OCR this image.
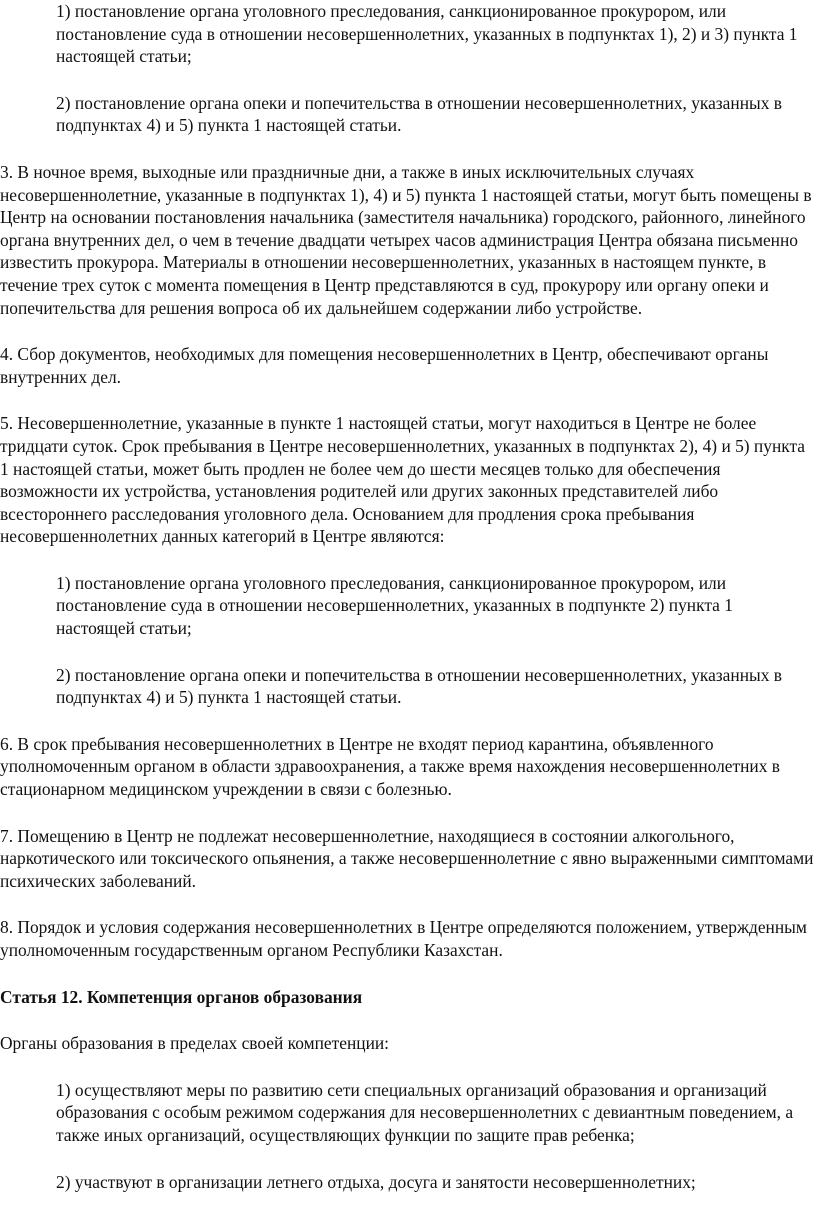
1) постановление органа уголовного преследования, санкционированное прокурором, или постановление суда в отношении несовершеннолетних, указанных в подпунктах 1), 2) и 3) пункта 1 настоящей статьи;

2) постановление органа опеки и попечительства в отношении несовершеннолетних, указанных в подпунктах 4) и 5) пункта 1 настоящей статьи.

3. В ночное время, выходные или праздничные дни, а также в иных исключительных случаях несовершеннолетние, указанные в подпунктах 1), 4) и 5) пункта 1 настоящей статьи, могут быть помещены в Центр на основании постановления начальника (заместителя начальника) городского, районного, линейного органа внутренних дел, о чем в течение двадцати четырех часов администрация Центра обязана письменно известить прокурора. Материалы в отношении несовершеннолетних, указанных в настоящем пункте, в течение трех суток с момента помещения в Центр представляются в суд, прокурору или органу опеки и попечительства для решения вопроса об их дальнейшем содержании либо устройстве.

4. Сбор документов, необходимых для помещения несовершеннолетних в Центр, обеспечивают органы внутренних дел.

5. Несовершеннолетние, указанные в пункте 1 настоящей статьи, могут находиться в Центре не более тридцати суток. Срок пребывания в Центре несовершеннолетних, указанных в подпунктах 2), 4) и 5) пункта 1 настоящей статьи, может быть продлен не более чем до шести месяцев только для обеспечения возможности их устройства, установления родителей или других законных представителей либо всестороннего расследования уголовного дела. Основанием для продления срока пребывания несовершеннолетних данных категорий в Центре являются:

1) постановление органа уголовного преследования, санкционированное прокурором, или постановление суда в отношении несовершеннолетних, указанных в подпункте 2) пункта 1 настоящей статьи;

2) постановление органа опеки и попечительства в отношении несовершеннолетних, указанных в подпунктах 4) и 5) пункта 1 настоящей статьи.

6. В срок пребывания несовершеннолетних в Центре не входят период карантина, объявленного уполномоченным органом в области здравоохранения, а также время нахождения несовершеннолетних в стационарном медицинском учреждении в связи с болезнью.

7. Помещению в Центр не подлежат несовершеннолетние, находящиеся в состоянии алкогольного, наркотического или токсического опьянения, а также несовершеннолетние с явно выраженными симптомами психических заболеваний.

8. Порядок и условия содержания несовершеннолетних в Центре определяются положением, утвержденным уполномоченным государственным органом Республики Казахстан.

Статья 12. Компетенция органов образования

Органы образования в пределах своей компетенции:

1) осуществляют меры по развитию сети специальных организаций образования и организаций образования с особым режимом содержания для несовершеннолетних с девиантным поведением, а также иных организаций, осуществляющих функции по защите прав ребенка;

2) участвуют в организации летнего отдыха, досуга и занятости несовершеннолетних;
